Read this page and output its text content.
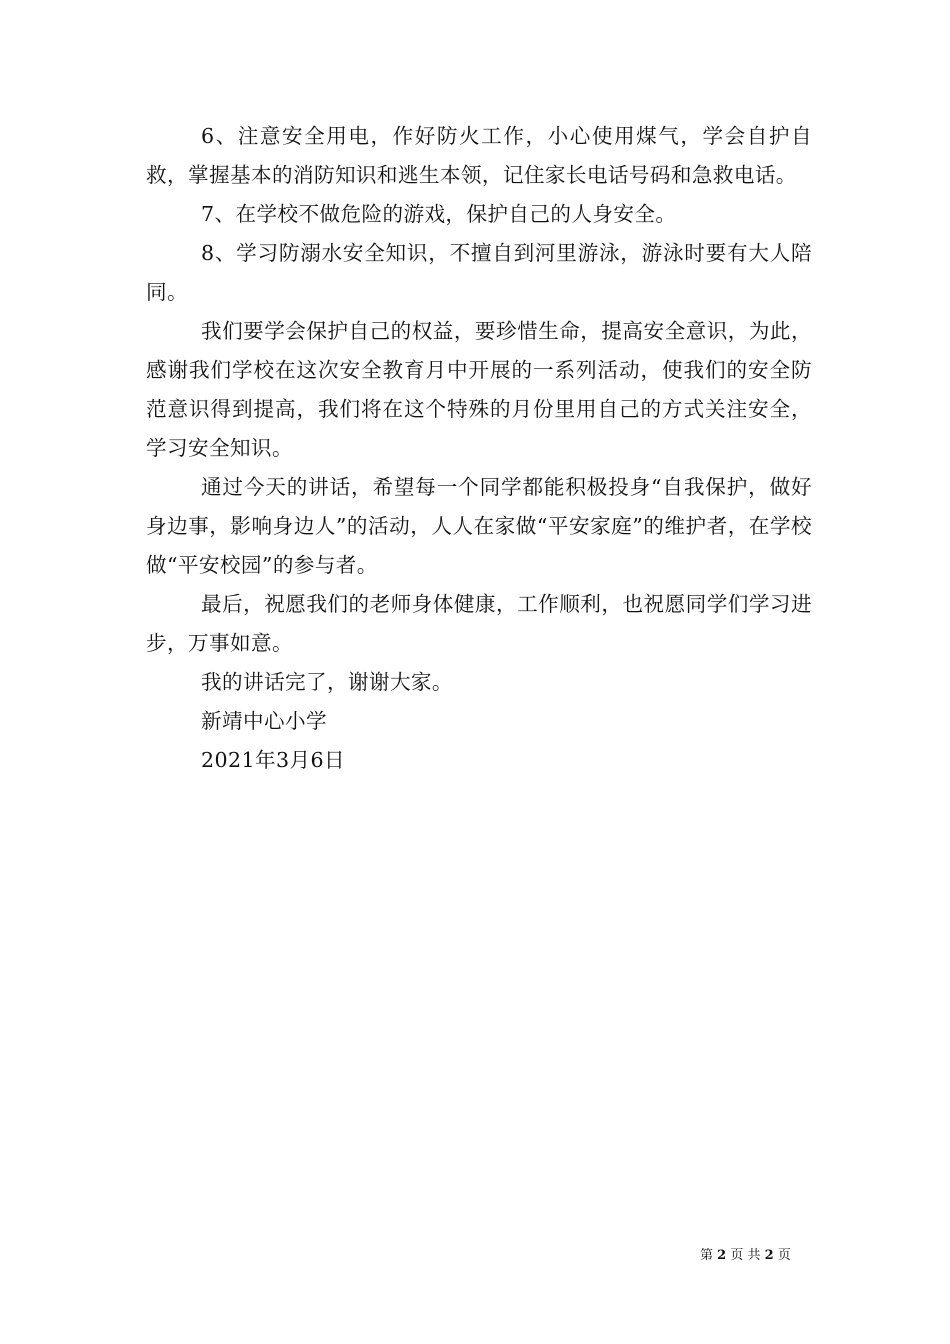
6、注意安全用电，作好防火工作，小心使用煤气，学会自护自救，掌握基本的消防知识和逃生本领，记住家长电话号码和急救电话。

7、在学校不做危险的游戏，保护自己的人身安全。

8、学习防溺水安全知识，不擅自到河里游泳，游泳时要有大人陪同。

我们要学会保护自己的权益，要珍惜生命，提高安全意识，为此，感谢我们学校在这次安全教育月中开展的一系列活动，使我们的安全防范意识得到提高，我们将在这个特殊的月份里用自己的方式关注安全，学习安全知识。

通过今天的讲话，希望每一个同学都能积极投身“自我保护，做好身边事，影响身边人”的活动，人人在家做“平安家庭”的维护者，在学校做“平安校园”的参与者。

最后，祝愿我们的老师身体健康，工作顺利，也祝愿同学们学习进步，万事如意。

我的讲话完了，谢谢大家。

新靖中心小学

2021年3月6日

第 2 页 共 2 页
